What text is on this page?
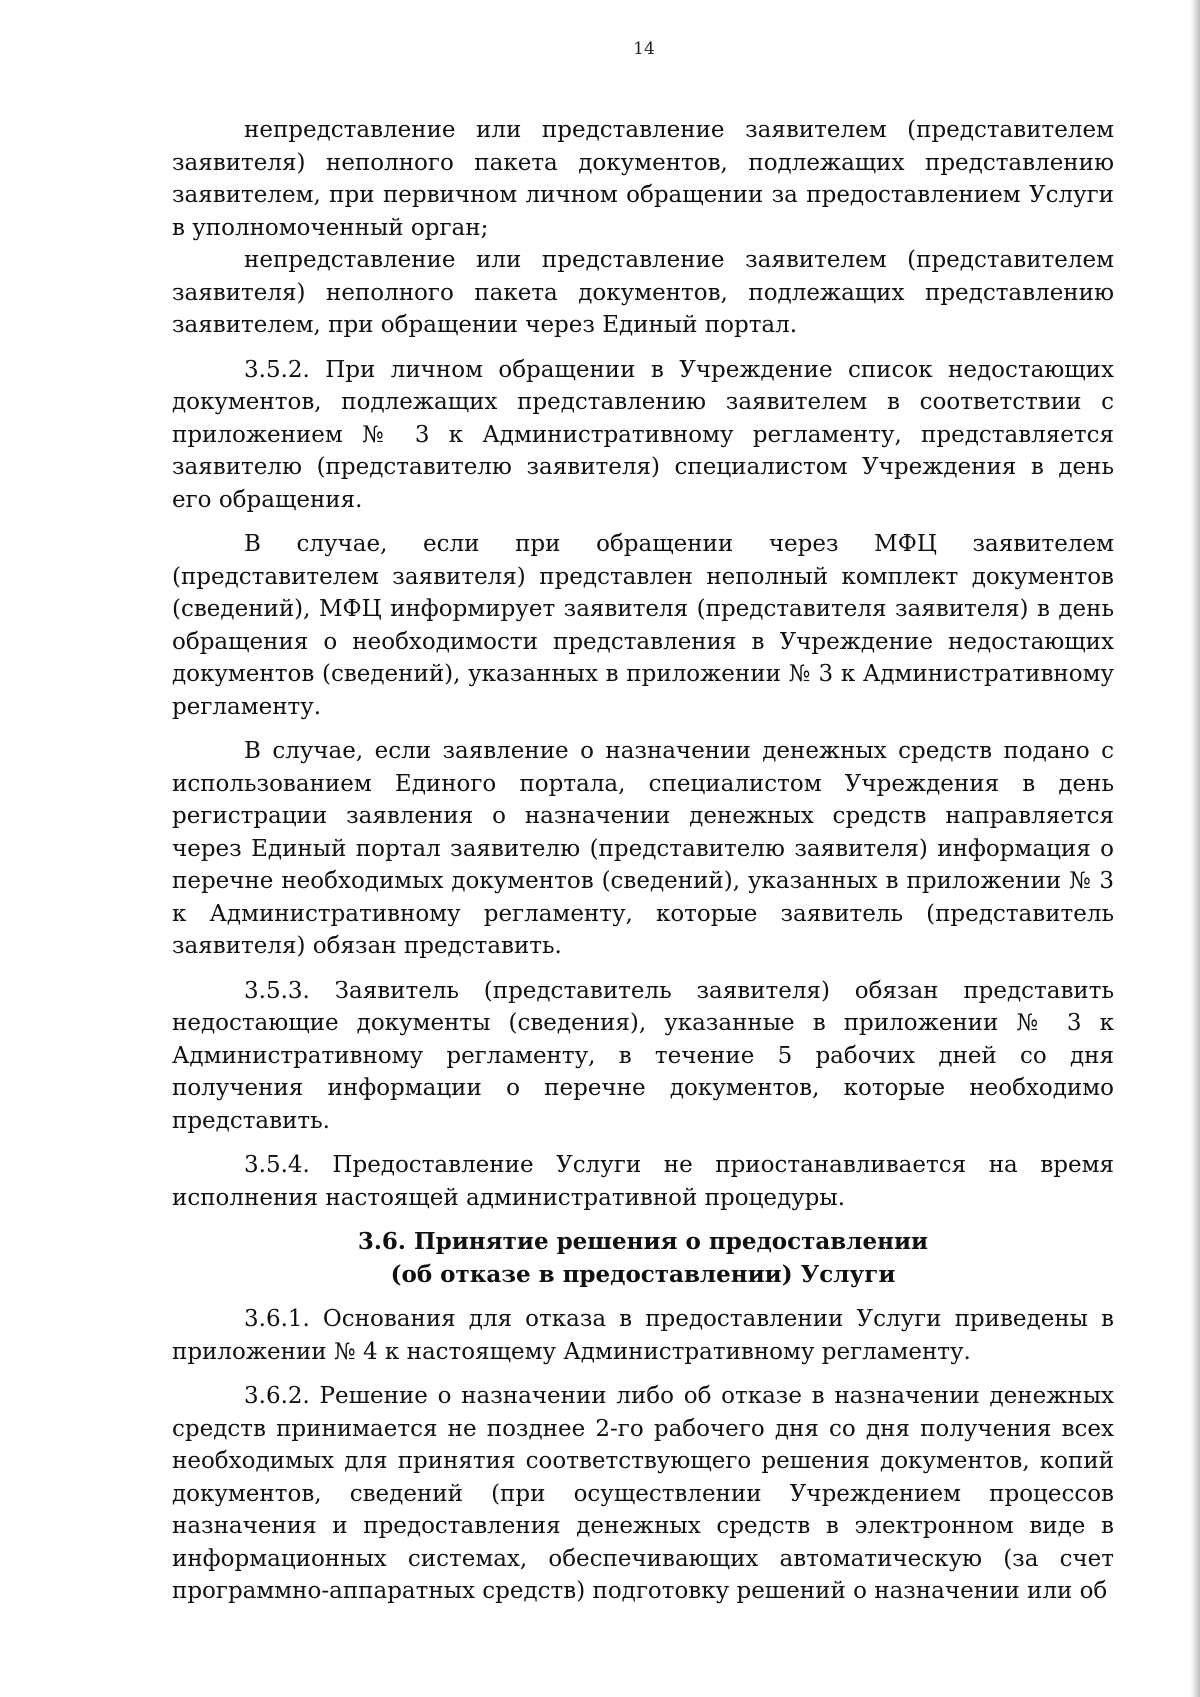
14

непредставление или представление заявителем (представителем заявителя) неполного пакета документов, подлежащих представлению заявителем, при первичном личном обращении за предоставлением Услуги в уполномоченный орган;

непредставление или представление заявителем (представителем заявителя) неполного пакета документов, подлежащих представлению заявителем, при обращении через Единый портал.

3.5.2. При личном обращении в Учреждение список недостающих документов, подлежащих представлению заявителем в соответствии с приложением № 3 к Административному регламенту, представляется заявителю (представителю заявителя) специалистом Учреждения в день его обращения.

В случае, если при обращении через МФЦ заявителем (представителем заявителя) представлен неполный комплект документов (сведений), МФЦ информирует заявителя (представителя заявителя) в день обращения о необходимости представления в Учреждение недостающих документов (сведений), указанных в приложении № 3 к Административному регламенту.

В случае, если заявление о назначении денежных средств подано с использованием Единого портала, специалистом Учреждения в день регистрации заявления о назначении денежных средств направляется через Единый портал заявителю (представителю заявителя) информация о перечне необходимых документов (сведений), указанных в приложении № 3 к Административному регламенту, которые заявитель (представитель заявителя) обязан представить.

3.5.3. Заявитель (представитель заявителя) обязан представить недостающие документы (сведения), указанные в приложении № 3 к Административному регламенту, в течение 5 рабочих дней со дня получения информации о перечне документов, которые необходимо представить.

3.5.4. Предоставление Услуги не приостанавливается на время исполнения настоящей административной процедуры.

3.6. Принятие решения о предоставлении
(об отказе в предоставлении) Услуги

3.6.1. Основания для отказа в предоставлении Услуги приведены в приложении № 4 к настоящему Административному регламенту.

3.6.2. Решение о назначении либо об отказе в назначении денежных средств принимается не позднее 2-го рабочего дня со дня получения всех необходимых для принятия соответствующего решения документов, копий документов, сведений (при осуществлении Учреждением процессов назначения и предоставления денежных средств в электронном виде в информационных системах, обеспечивающих автоматическую (за счет программно-аппаратных средств) подготовку решений о назначении или об
